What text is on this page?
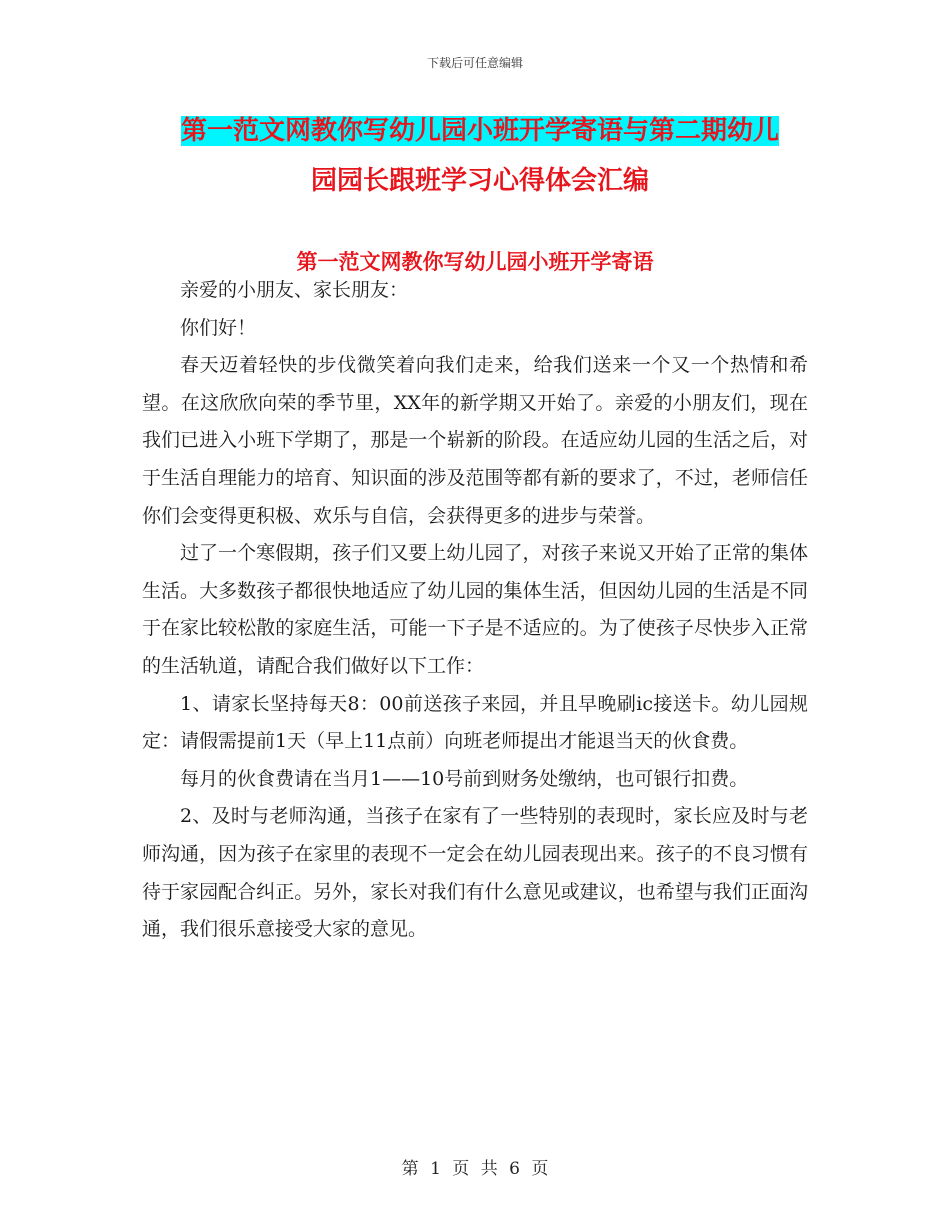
下载后可任意编辑
第一范文网教你写幼儿园小班开学寄语与第二期幼儿
园园长跟班学习心得体会汇编
第一范文网教你写幼儿园小班开学寄语

亲爱的小朋友、家长朋友：

你们好！

春天迈着轻快的步伐微笑着向我们走来，给我们送来一个又一个热情和希望。在这欣欣向荣的季节里，XX年的新学期又开始了。亲爱的小朋友们，现在我们已进入小班下学期了，那是一个崭新的阶段。在适应幼儿园的生活之后，对于生活自理能力的培育、知识面的涉及范围等都有新的要求了，不过，老师信任你们会变得更积极、欢乐与自信，会获得更多的进步与荣誉。

过了一个寒假期，孩子们又要上幼儿园了，对孩子来说又开始了正常的集体生活。大多数孩子都很快地适应了幼儿园的集体生活，但因幼儿园的生活是不同于在家比较松散的家庭生活，可能一下子是不适应的。为了使孩子尽快步入正常的生活轨道，请配合我们做好以下工作：

1、请家长坚持每天8：00前送孩子来园，并且早晚刷ic接送卡。幼儿园规定：请假需提前1天（早上11点前）向班老师提出才能退当天的伙食费。

每月的伙食费请在当月1——10号前到财务处缴纳，也可银行扣费。

2、及时与老师沟通，当孩子在家有了一些特别的表现时，家长应及时与老师沟通，因为孩子在家里的表现不一定会在幼儿园表现出来。孩子的不良习惯有待于家园配合纠正。另外，家长对我们有什么意见或建议，也希望与我们正面沟通，我们很乐意接受大家的意见。

第 1 页 共 6 页
